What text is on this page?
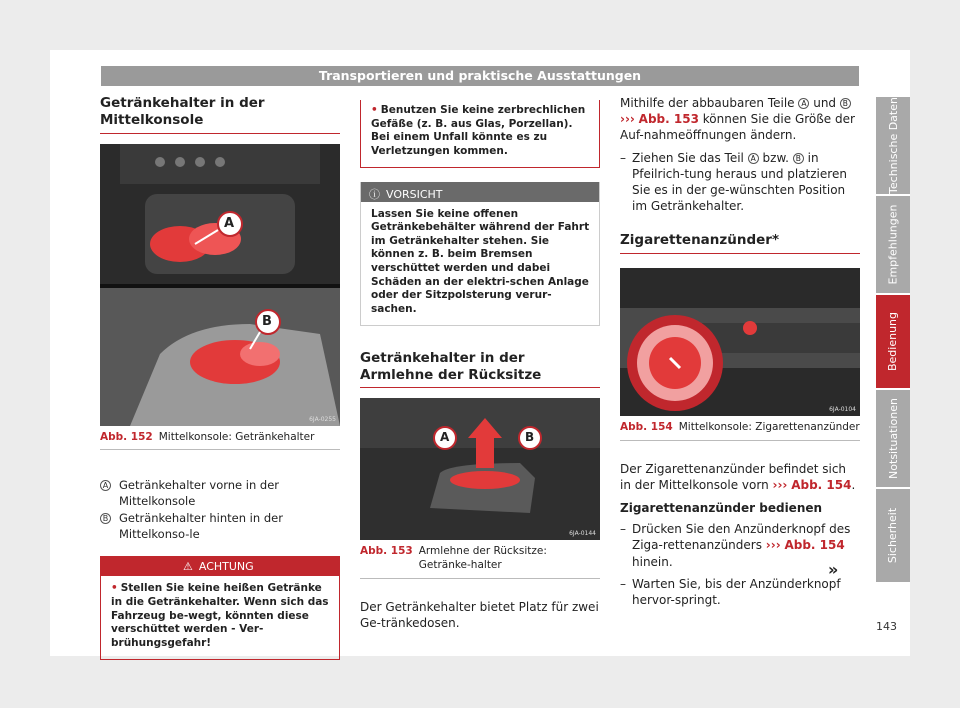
Transportieren und praktische Ausstattungen
Getränkehalter in der Mittelkonsole
A
B
6JA-0255
Abb. 152 Mittelkonsole: Getränkehalter
A Getränkehalter vorne in der Mittelkonsole
B Getränkehalter hinten in der Mittelkonso-le
⚠ ACHTUNG
• Stellen Sie keine heißen Getränke in die Getränkehalter. Wenn sich das Fahrzeug be-wegt, könnten diese verschüttet werden - Ver-brühungsgefahr!
• Benutzen Sie keine zerbrechlichen Gefäße (z. B. aus Glas, Porzellan). Bei einem Unfall könnte es zu Verletzungen kommen.
ⓘ VORSICHT
Lassen Sie keine offenen Getränkebehälter während der Fahrt im Getränkehalter stehen. Sie können z. B. beim Bremsen verschüttet werden und dabei Schäden an der elektri-schen Anlage oder der Sitzpolsterung verur-sachen.
Getränkehalter in der Armlehne der Rücksitze
A	B
6JA-0144
Abb. 153 Armlehne der Rücksitze: Getränke-halter

Der Getränkehalter bietet Platz für zwei Ge-tränkedosen.

Mithilfe der abbaubaren Teile A und B
››› Abb. 153 können Sie die Größe der Auf-nahmeöffnungen ändern.

– Ziehen Sie das Teil A bzw. B in Pfeilrich-tung heraus und platzieren Sie es in der ge-wünschten Position im Getränkehalter.
Zigarettenanzünder*
6JA-0104
Abb. 154 Mittelkonsole: Zigarettenanzünder

Der Zigarettenanzünder befindet sich in der Mittelkonsole vorn ››› Abb. 154.

Zigarettenanzünder bedienen
– Drücken Sie den Anzünderknopf des Ziga-rettenanzünders ››› Abb. 154 hinein.
– Warten Sie, bis der Anzünderknopf hervor-springt.
»
Technische Daten
Empfehlungen
Bedienung
Notsituationen
Sicherheit
143
